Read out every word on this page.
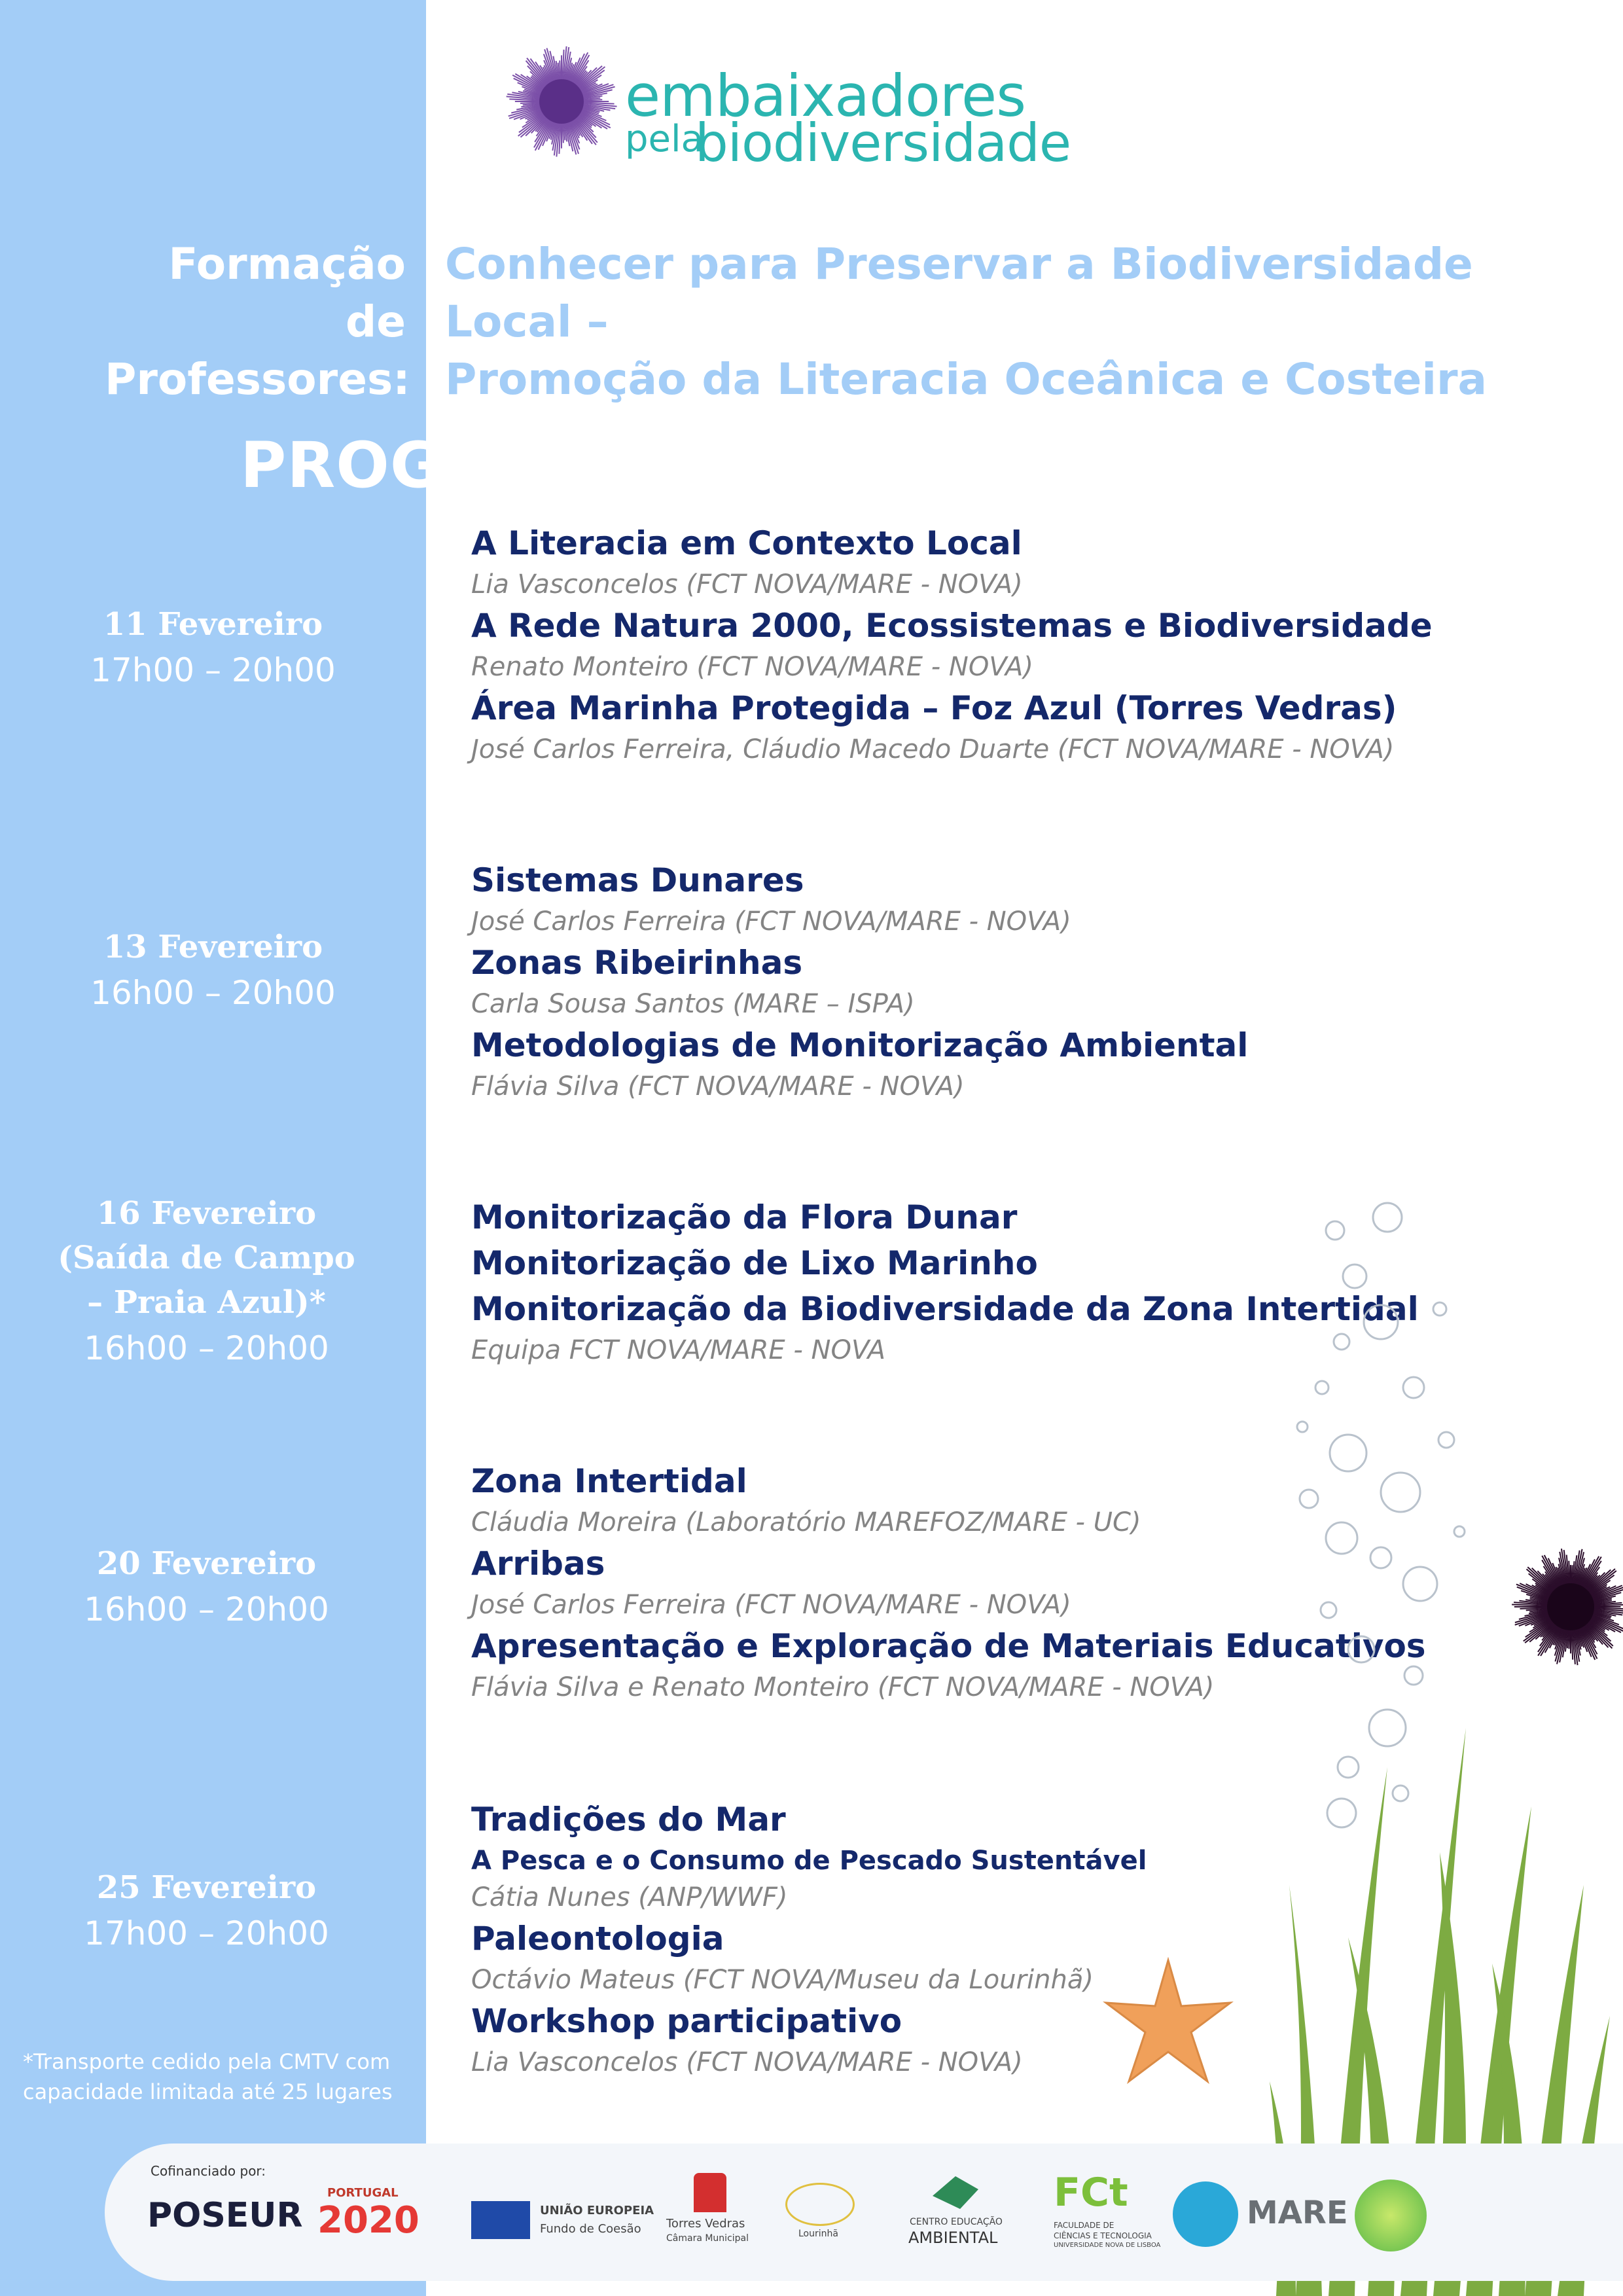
embaixadores
pela
biodiversidade
Formação de
Professores:
Conhecer para Preservar a Biodiversidade Local –
Promoção da Literacia Oceânica e Costeira
PROGRAMA
11 Fevereiro
17h00 – 20h00
A Literacia em Contexto Local
Lia Vasconcelos (FCT NOVA/MARE - NOVA)
A Rede Natura 2000, Ecossistemas e Biodiversidade
Renato Monteiro (FCT NOVA/MARE - NOVA)
Área Marinha Protegida – Foz Azul (Torres Vedras)
José Carlos Ferreira, Cláudio Macedo Duarte (FCT NOVA/MARE - NOVA)
13 Fevereiro
16h00 – 20h00
Sistemas Dunares
José Carlos Ferreira (FCT NOVA/MARE - NOVA)
Zonas Ribeirinhas
Carla Sousa Santos (MARE – ISPA)
Metodologias de Monitorização Ambiental
Flávia Silva (FCT NOVA/MARE - NOVA)
16 Fevereiro
(Saída de Campo
– Praia Azul)*
16h00 – 20h00
Monitorização da Flora Dunar
Monitorização de Lixo Marinho
Monitorização da Biodiversidade da Zona Intertidal
Equipa FCT NOVA/MARE - NOVA
20 Fevereiro
16h00 – 20h00
Zona Intertidal
Cláudia Moreira (Laboratório MAREFOZ/MARE - UC)
Arribas
José Carlos Ferreira (FCT NOVA/MARE - NOVA)
Apresentação e Exploração de Materiais Educativos
Flávia Silva e Renato Monteiro (FCT NOVA/MARE - NOVA)
25 Fevereiro
17h00 – 20h00
Tradições do Mar
A Pesca e o Consumo de Pescado Sustentável
Cátia Nunes (ANP/WWF)
Paleontologia
Octávio Mateus (FCT NOVA/Museu da Lourinhã)
Workshop participativo
Lia Vasconcelos (FCT NOVA/MARE - NOVA)
*Transporte cedido pela CMTV com
capacidade limitada até 25 lugares
Cofinanciado por:
POSEUR
PORTUGAL
2020	UNIÃO EUROPEIA
Fundo de Coesão Torres Vedras
Câmara Municipal	Lourinhã
CENTRO EDUCAÇÃO
AMBIENTAL
FCt
FACULDADE DE
CIÊNCIAS E TECNOLOGIA
UNIVERSIDADE NOVA DE LISBOA
MARE
